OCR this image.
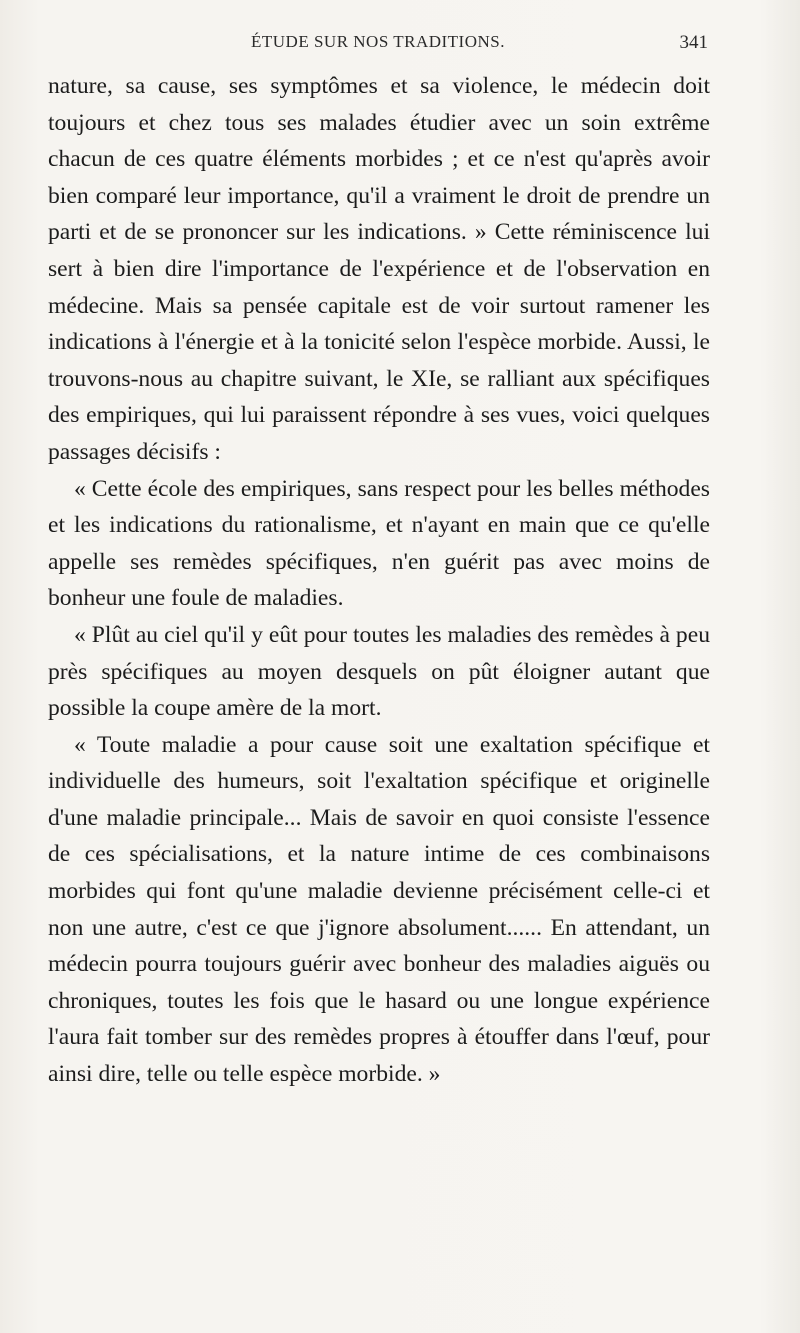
ÉTUDE SUR NOS TRADITIONS.	341

nature, sa cause, ses symptômes et sa violence, le médecin doit toujours et chez tous ses malades étudier avec un soin extrême chacun de ces quatre éléments morbides ; et ce n'est qu'après avoir bien comparé leur importance, qu'il a vraiment le droit de prendre un parti et de se prononcer sur les indications. » Cette réminiscence lui sert à bien dire l'importance de l'expérience et de l'observation en médecine. Mais sa pensée capitale est de voir surtout ramener les indications à l'énergie et à la tonicité selon l'espèce morbide. Aussi, le trouvons-nous au chapitre suivant, le XIe, se ralliant aux spécifiques des empiriques, qui lui paraissent répondre à ses vues, voici quelques passages décisifs :

« Cette école des empiriques, sans respect pour les belles méthodes et les indications du rationalisme, et n'ayant en main que ce qu'elle appelle ses remèdes spécifiques, n'en guérit pas avec moins de bonheur une foule de maladies.

« Plût au ciel qu'il y eût pour toutes les maladies des remèdes à peu près spécifiques au moyen desquels on pût éloigner autant que possible la coupe amère de la mort.

« Toute maladie a pour cause soit une exaltation spécifique et individuelle des humeurs, soit l'exaltation spécifique et originelle d'une maladie principale... Mais de savoir en quoi consiste l'essence de ces spécialisations, et la nature intime de ces combinaisons morbides qui font qu'une maladie devienne précisément celle-ci et non une autre, c'est ce que j'ignore absolument...... En attendant, un médecin pourra toujours guérir avec bonheur des maladies aiguës ou chroniques, toutes les fois que le hasard ou une longue expérience l'aura fait tomber sur des remèdes propres à étouffer dans l'œuf, pour ainsi dire, telle ou telle espèce morbide. »
